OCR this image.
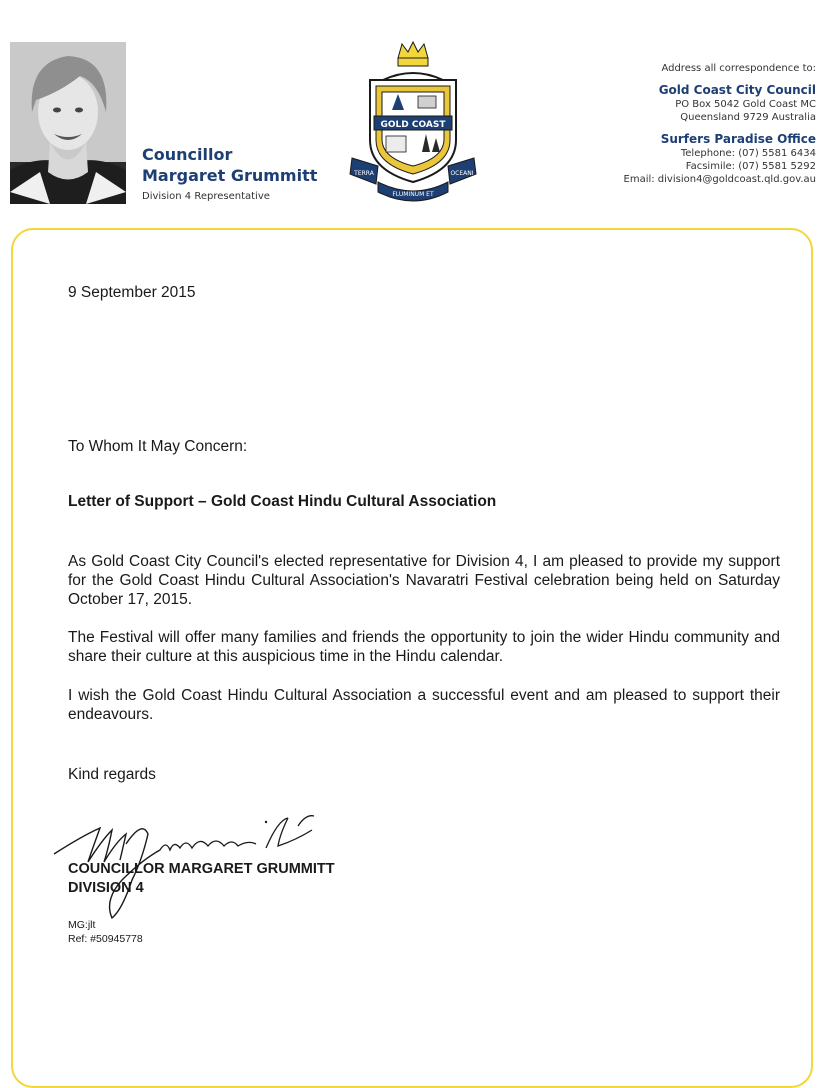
Councillor
Margaret Grummitt
Division 4 Representative
GOLD COAST
TERRA	OCEANI
FLUMINUM ET
Address all correspondence to:
Gold Coast City Council
PO Box 5042 Gold Coast MC
Queensland 9729 Australia
Surfers Paradise Office
Telephone: (07) 5581 6434
Facsimile: (07) 5581 5292
Email: division4@goldcoast.qld.gov.au
9 September 2015
To Whom It May Concern:
Letter of Support – Gold Coast Hindu Cultural Association
As Gold Coast City Council's elected representative for Division 4, I am pleased to provide my support for the Gold Coast Hindu Cultural Association's Navaratri Festival celebration being held on Saturday October 17, 2015.
The Festival will offer many families and friends the opportunity to join the wider Hindu community and share their culture at this auspicious time in the Hindu calendar.
I wish the Gold Coast Hindu Cultural Association a successful event and am pleased to support their endeavours.
Kind regards
COUNCILLOR MARGARET GRUMMITT
DIVISION 4
MG:jlt
Ref: #50945778
